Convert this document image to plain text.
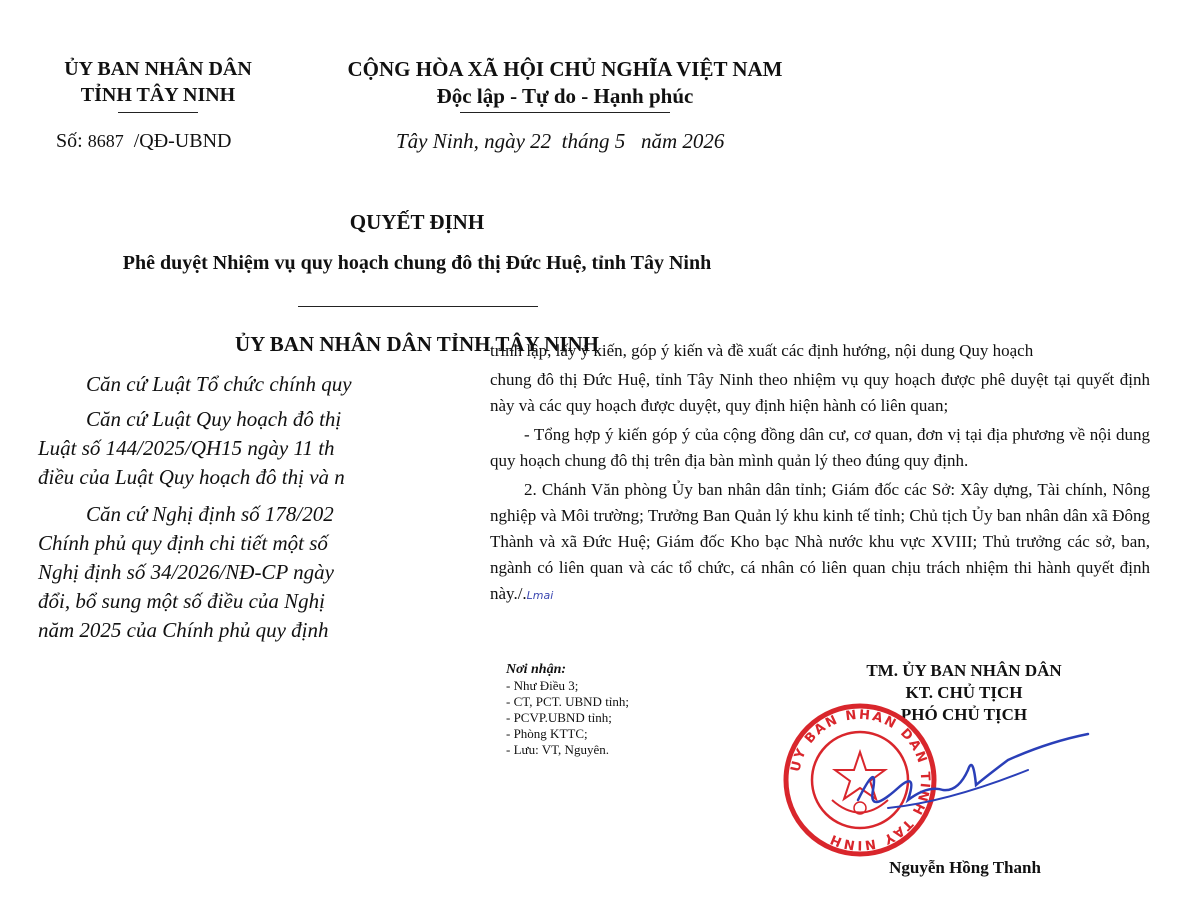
ỦY BAN NHÂN DÂN
TỈNH TÂY NINH
CỘNG HÒA XÃ HỘI CHỦ NGHĨA VIỆT NAM
Độc lập - Tự do - Hạnh phúc
Số: 8687 /QĐ-UBND	Tây Ninh, ngày 22  tháng 5   năm 2026
QUYẾT ĐỊNH
Phê duyệt Nhiệm vụ quy hoạch chung đô thị Đức Huệ, tỉnh Tây Ninh
ỦY BAN NHÂN DÂN TỈNH TÂY NINH

Căn cứ Luật Tổ chức chính quy

Căn cứ Luật Quy hoạch đô thị

Luật số 144/2025/QH15 ngày 11 th

điều của Luật Quy hoạch đô thị và n

Căn cứ Nghị định số 178/202

Chính phủ quy định chi tiết một số

Nghị định số 34/2026/NĐ-CP ngày

đổi, bổ sung một số điều của Nghị

năm 2025 của Chính phủ quy định

trình lập, lấy ý kiến, góp ý kiến và đề xuất các định hướng, nội dung Quy hoạch

chung đô thị Đức Huệ, tỉnh Tây Ninh theo nhiệm vụ quy hoạch được phê duyệt tại quyết định này và các quy hoạch được duyệt, quy định hiện hành có liên quan;

- Tổng hợp ý kiến góp ý của cộng đồng dân cư, cơ quan, đơn vị tại địa phương về nội dung quy hoạch chung đô thị trên địa bàn mình quản lý theo đúng quy định.

2. Chánh Văn phòng Ủy ban nhân dân tỉnh; Giám đốc các Sở: Xây dựng, Tài chính, Nông nghiệp và Môi trường; Trưởng Ban Quản lý khu kinh tế tỉnh; Chủ tịch Ủy ban nhân dân xã Đông Thành và xã Đức Huệ; Giám đốc Kho bạc Nhà nước khu vực XVIII; Thủ trưởng các sở, ban, ngành có liên quan và các tổ chức, cá nhân có liên quan chịu trách nhiệm thi hành quyết định này./.Lmai

Nơi nhận:
- Như Điều 3;
- CT, PCT. UBND tỉnh;
- PCVP.UBND tỉnh;
- Phòng KTTC;
- Lưu: VT, Nguyên.
TM. ỦY BAN NHÂN DÂN
KT. CHỦ TỊCH
PHÓ CHỦ TỊCH
ỦY BAN NHÂN DÂN TỈNH TÂY NINH
Nguyễn Hồng Thanh
